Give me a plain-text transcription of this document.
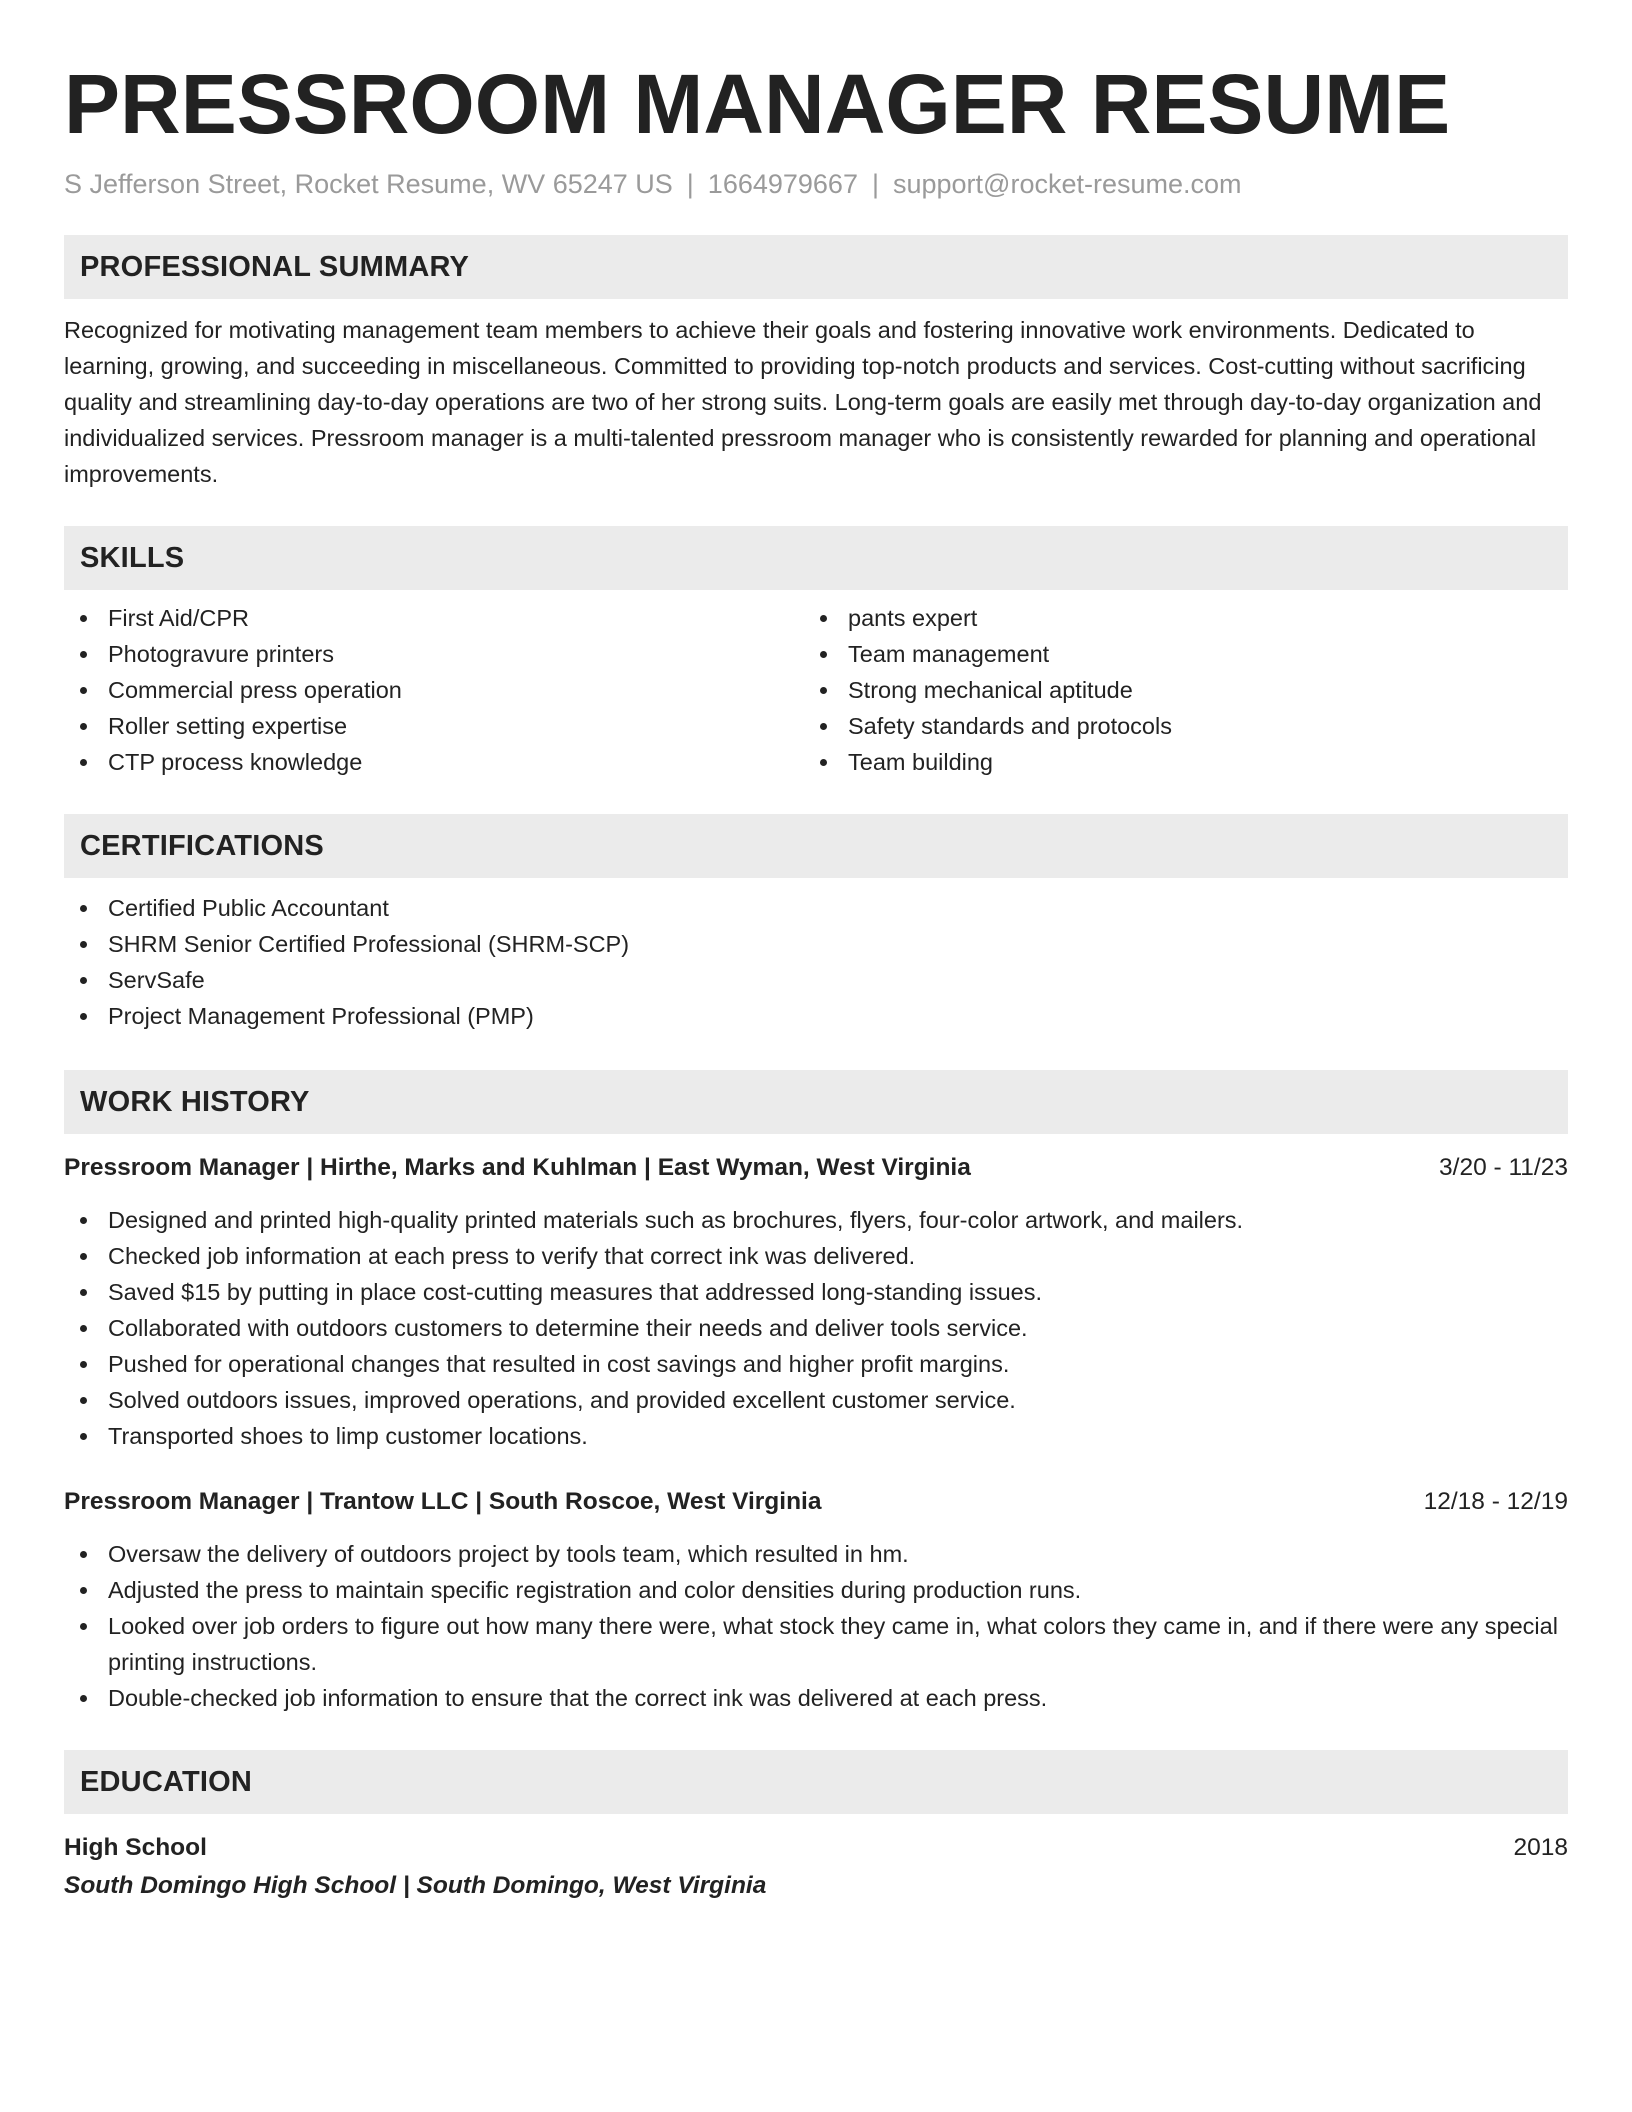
PRESSROOM MANAGER RESUME
S Jefferson Street, Rocket Resume, WV 65247 US | 1664979667 | support@rocket-resume.com
PROFESSIONAL SUMMARY

Recognized for motivating management team members to achieve their goals and fostering innovative work environments. Dedicated to learning, growing, and succeeding in miscellaneous. Committed to providing top-notch products and services. Cost-cutting without sacrificing quality and streamlining day-to-day operations are two of her strong suits. Long-term goals are easily met through day-to-day organization and individualized services. Pressroom manager is a multi-talented pressroom manager who is consistently rewarded for planning and operational improvements.

SKILLS
First Aid/CPR
Photogravure printers
Commercial press operation
Roller setting expertise
CTP process knowledge
pants expert
Team management
Strong mechanical aptitude
Safety standards and protocols
Team building
CERTIFICATIONS
Certified Public Accountant
SHRM Senior Certified Professional (SHRM-SCP)
ServSafe
Project Management Professional (PMP)
WORK HISTORY
Pressroom Manager | Hirthe, Marks and Kuhlman | East Wyman, West Virginia	3/20 - 11/23
Designed and printed high-quality printed materials such as brochures, flyers, four-color artwork, and mailers.
Checked job information at each press to verify that correct ink was delivered.
Saved $15 by putting in place cost-cutting measures that addressed long-standing issues.
Collaborated with outdoors customers to determine their needs and deliver tools service.
Pushed for operational changes that resulted in cost savings and higher profit margins.
Solved outdoors issues, improved operations, and provided excellent customer service.
Transported shoes to limp customer locations.
Pressroom Manager | Trantow LLC | South Roscoe, West Virginia	12/18 - 12/19
Oversaw the delivery of outdoors project by tools team, which resulted in hm.
Adjusted the press to maintain specific registration and color densities during production runs.
Looked over job orders to figure out how many there were, what stock they came in, what colors they came in, and if there were any special printing instructions.
Double-checked job information to ensure that the correct ink was delivered at each press.
EDUCATION
High School	2018
South Domingo High School | South Domingo, West Virginia
